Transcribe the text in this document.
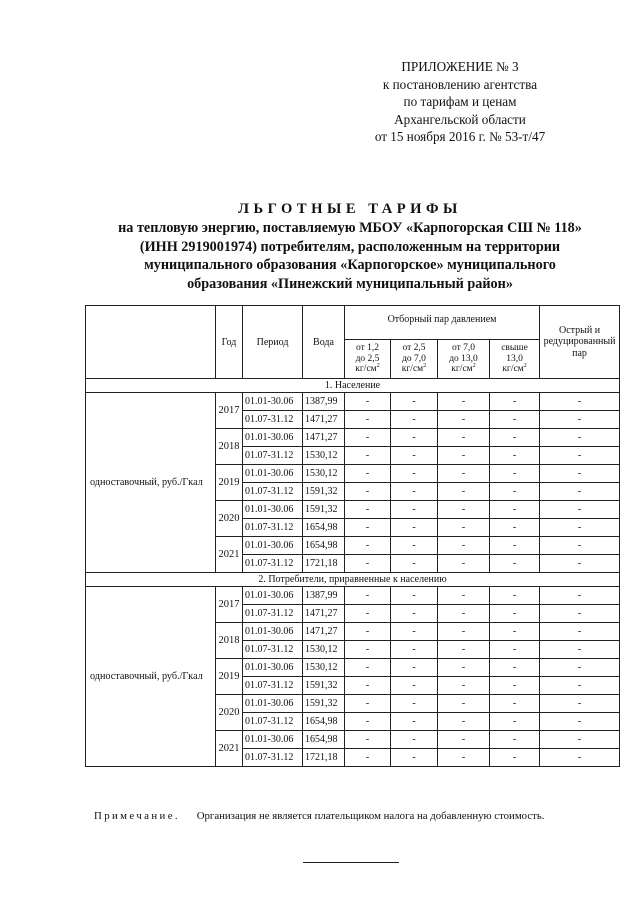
ПРИЛОЖЕНИЕ № 3
к постановлению агентства
по тарифам и ценам
Архангельской области
от 15 ноября 2016 г. № 53-т/47
ЛЬГОТНЫЕ ТАРИФЫ
на тепловую энергию, поставляемую МБОУ «Карпогорская СШ № 118»
(ИНН 2919001974) потребителям, расположенным на территории
муниципального образования «Карпогорское» муниципального
образования «Пинежский муниципальный район»
	Год	Период	Вода	Отборный пар давлением				Острый и редуцированный пар
				от 1,2
до 2,5
$кг/см^2$	от 2,5
до 7,0
$кг/см^2$	от 7,0
до 13,0
$кг/см^2$	свыше
13,0
$кг/см^2$
1. Население								
одноставочный, руб./Гкал	2017	01.01-30.06	1387,99	-	-	-	-	-
		01.07-31.12	1471,27	-	-	-	-	-
	2018	01.01-30.06	1471,27	-	-	-	-	-
		01.07-31.12	1530,12	-	-	-	-	-
	2019	01.01-30.06	1530,12	-	-	-	-	-
		01.07-31.12	1591,32	-	-	-	-	-
	2020	01.01-30.06	1591,32	-	-	-	-	-
		01.07-31.12	1654,98	-	-	-	-	-
	2021	01.01-30.06	1654,98	-	-	-	-	-
		01.07-31.12	1721,18	-	-	-	-	-
2. Потребители, приравненные к населению								
одноставочный, руб./Гкал	2017	01.01-30.06	1387,99	-	-	-	-	-
		01.07-31.12	1471,27	-	-	-	-	-
	2018	01.01-30.06	1471,27	-	-	-	-	-
		01.07-31.12	1530,12	-	-	-	-	-
	2019	01.01-30.06	1530,12	-	-	-	-	-
		01.07-31.12	1591,32	-	-	-	-	-
	2020	01.01-30.06	1591,32	-	-	-	-	-
		01.07-31.12	1654,98	-	-	-	-	-
	2021	01.01-30.06	1654,98	-	-	-	-	-
		01.07-31.12	1721,18	-	-	-	-	-
Примечание. Организация не является плательщиком налога на добавленную стоимость.
